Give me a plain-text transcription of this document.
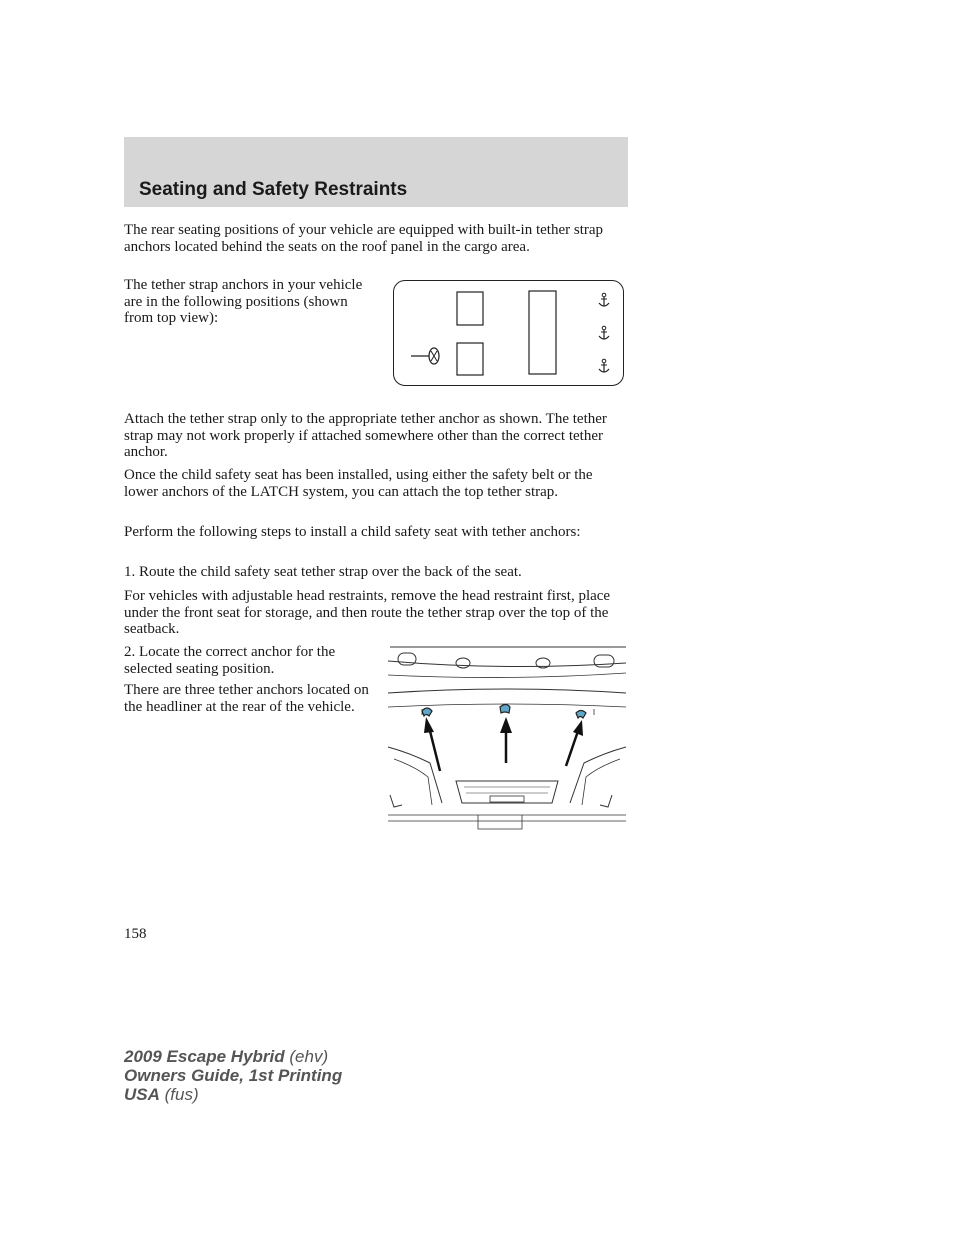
Seating and Safety Restraints

The rear seating positions of your vehicle are equipped with built-in tether strap anchors located behind the seats on the roof panel in the cargo area.

The tether strap anchors in your vehicle are in the following positions (shown from top view):

Attach the tether strap only to the appropriate tether anchor as shown. The tether strap may not work properly if attached somewhere other than the correct tether anchor.

Once the child safety seat has been installed, using either the safety belt or the lower anchors of the LATCH system, you can attach the top tether strap.

Perform the following steps to install a child safety seat with tether anchors:

1. Route the child safety seat tether strap over the back of the seat.

For vehicles with adjustable head restraints, remove the head restraint first, place under the front seat for storage, and then route the tether strap over the top of the seatback.

2. Locate the correct anchor for the selected seating position.

There are three tether anchors located on the headliner at the rear of the vehicle.

158
2009 Escape Hybrid (ehv)
Owners Guide, 1st Printing
USA (fus)
